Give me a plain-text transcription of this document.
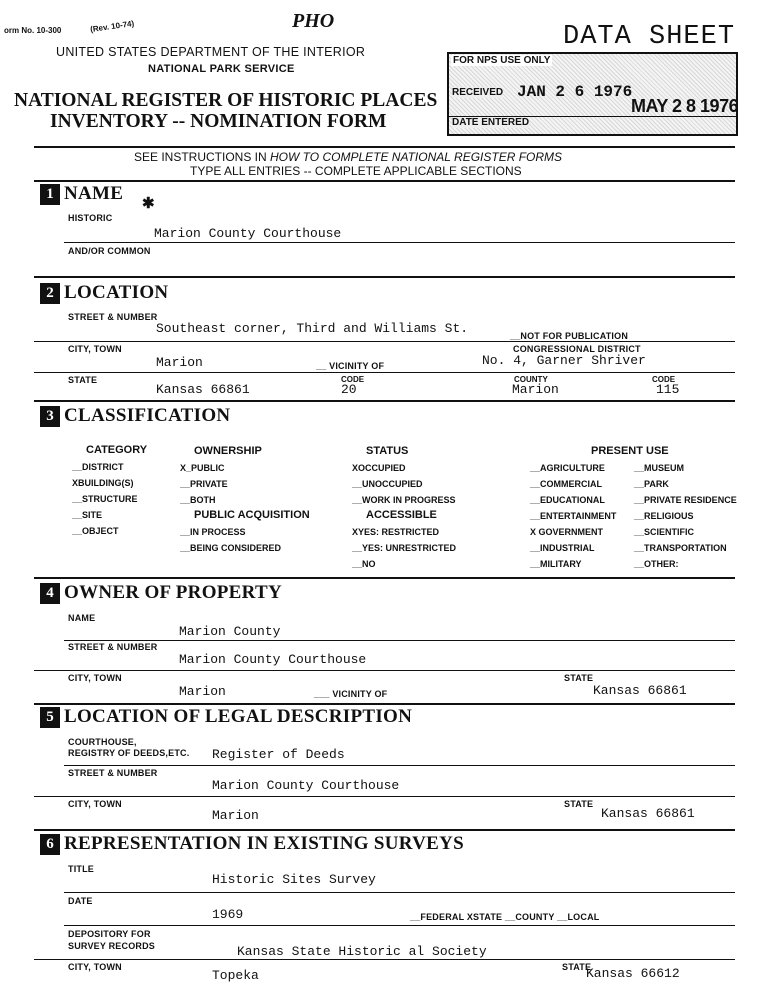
orm No. 10-300	(Rev. 10-74)	PHO
UNITED STATES DEPARTMENT OF THE INTERIOR
NATIONAL PARK SERVICE
NATIONAL REGISTER OF HISTORIC PLACES
INVENTORY -- NOMINATION FORM
DATA SHEET
FOR NPS USE ONLY
RECEIVED JAN 2 6 1976
DATE ENTERED
MAY 2 8 1976
SEE INSTRUCTIONS IN HOW TO COMPLETE NATIONAL REGISTER FORMS
TYPE ALL ENTRIES -- COMPLETE APPLICABLE SECTIONS
1 NAME ✱
HISTORIC
Marion County Courthouse
AND/OR COMMON
2 LOCATION
STREET & NUMBER
Southeast corner, Third and Williams St.	__NOT FOR PUBLICATION
CITY, TOWN	CONGRESSIONAL DISTRICT
Marion	__ VICINITY OF	No. 4, Garner Shriver
STATE	CODE	COUNTY	CODE
Kansas 66861	20	Marion	115
3 CLASSIFICATION
CATEGORY
__DISTRICT
XBUILDING(S)
__STRUCTURE
__SITE
__OBJECT
OWNERSHIP
X_PUBLIC
__PRIVATE
__BOTH
PUBLIC ACQUISITION
__IN PROCESS
__BEING CONSIDERED
STATUS
XOCCUPIED
__UNOCCUPIED
__WORK IN PROGRESS
ACCESSIBLE
XYES: RESTRICTED
__YES: UNRESTRICTED
__NO
PRESENT USE
__AGRICULTURE
__COMMERCIAL
__EDUCATIONAL
__ENTERTAINMENT
X GOVERNMENT
__INDUSTRIAL
__MILITARY
__MUSEUM
__PARK
__PRIVATE RESIDENCE
__RELIGIOUS
__SCIENTIFIC
__TRANSPORTATION
__OTHER:
4 OWNER OF PROPERTY
NAME
Marion County
STREET & NUMBER
Marion County Courthouse
CITY, TOWN	STATE
Marion	___ VICINITY OF	Kansas 66861
5 LOCATION OF LEGAL DESCRIPTION
COURTHOUSE,
REGISTRY OF DEEDS,ETC. Register of Deeds
STREET & NUMBER
Marion County Courthouse
CITY, TOWN	STATE
Marion	Kansas 66861
6 REPRESENTATION IN EXISTING SURVEYS
TITLE
Historic Sites Survey
DATE
1969	__FEDERAL XSTATE __COUNTY __LOCAL
DEPOSITORY FOR
SURVEY RECORDS	Kansas State Historic al Society
CITY, TOWN	STATE
Topeka	Kansas 66612
